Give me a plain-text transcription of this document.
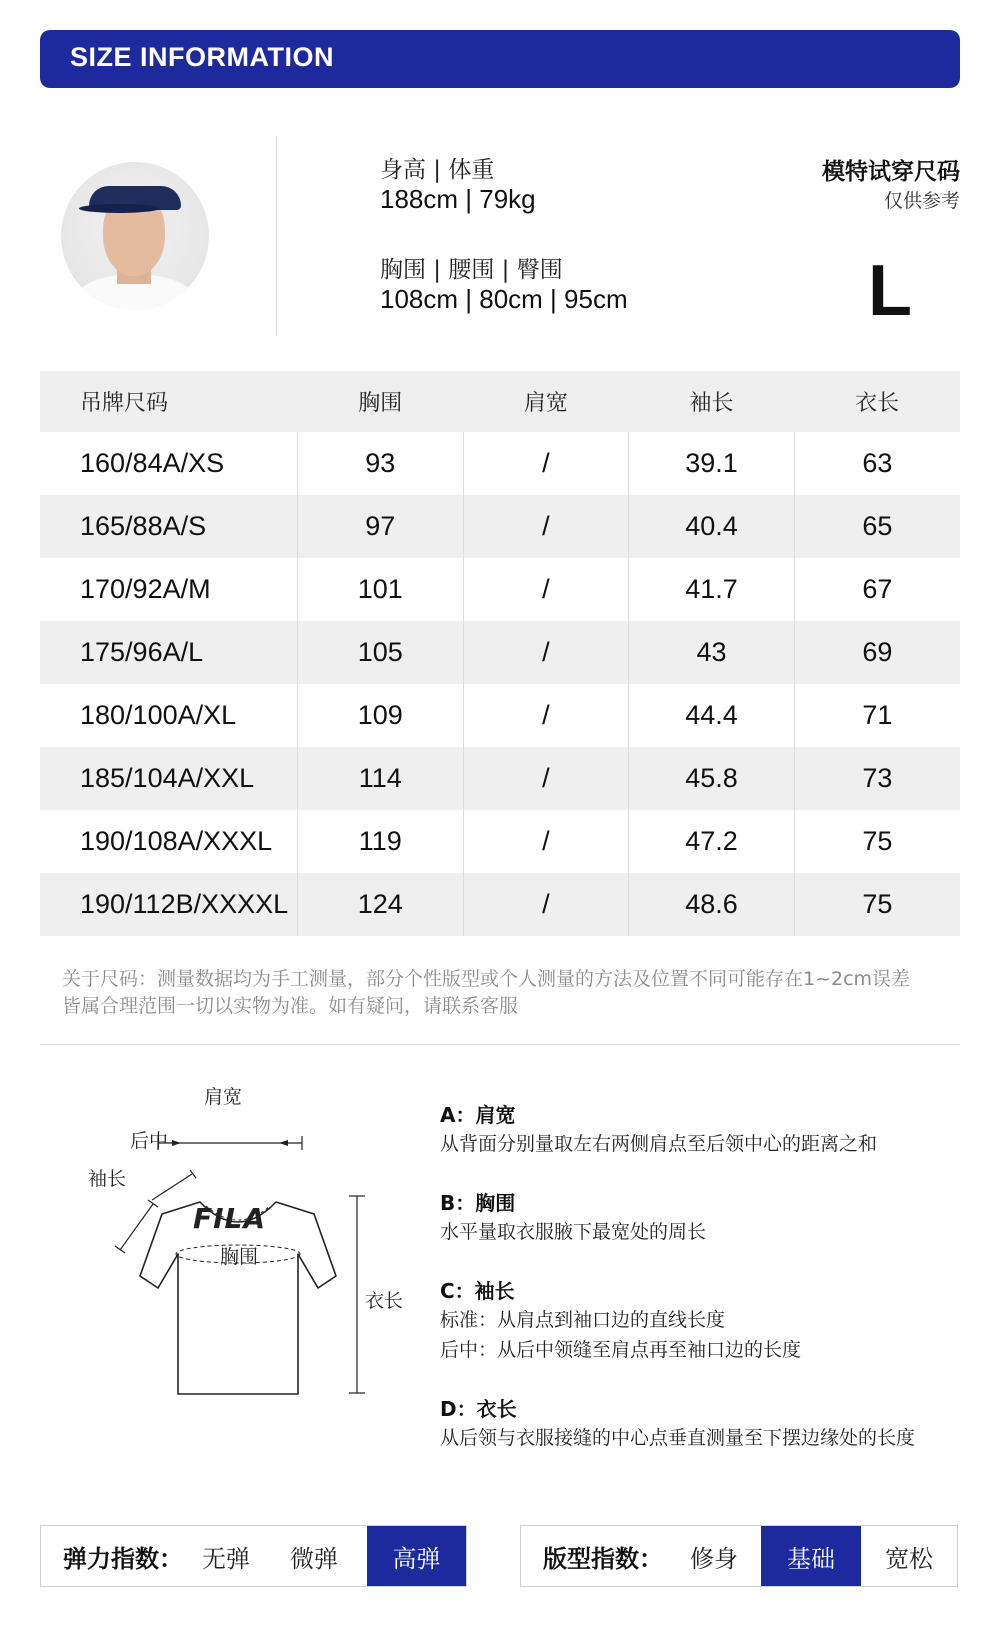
SIZE INFORMATION
身高 | 体重
188cm | 79kg
胸围 | 腰围 | 臀围
108cm | 80cm | 95cm
模特试穿尺码
仅供参考
L
吊牌尺码	胸围	肩宽	袖长	衣长
160/84A/XS	93	/	39.1	63
165/88A/S	97	/	40.4	65
170/92A/M	101	/	41.7	67
175/96A/L	105	/	43	69
180/100A/XL	109	/	44.4	71
185/104A/XXL	114	/	45.8	73
190/108A/XXXL	119	/	47.2	75
190/112B/XXXXL	124	/	48.6	75
关于尺码：测量数据均为手工测量，部分个性版型或个人测量的方法及位置不同可能存在1~2cm误差
皆属合理范围一切以实物为准。如有疑问，请联系客服
肩宽
后中
袖长
FILA
胸围
衣长
A：肩宽
从背面分别量取左右两侧肩点至后领中心的距离之和
B：胸围
水平量取衣服腋下最宽处的周长
C：袖长
标准：从肩点到袖口边的直线长度
后中：从后中领缝至肩点再至袖口边的长度
D：衣长
从后领与衣服接缝的中心点垂直测量至下摆边缘处的长度
弹力指数： 无弹	微弹	高弹	版型指数：	修身	基础	宽松
